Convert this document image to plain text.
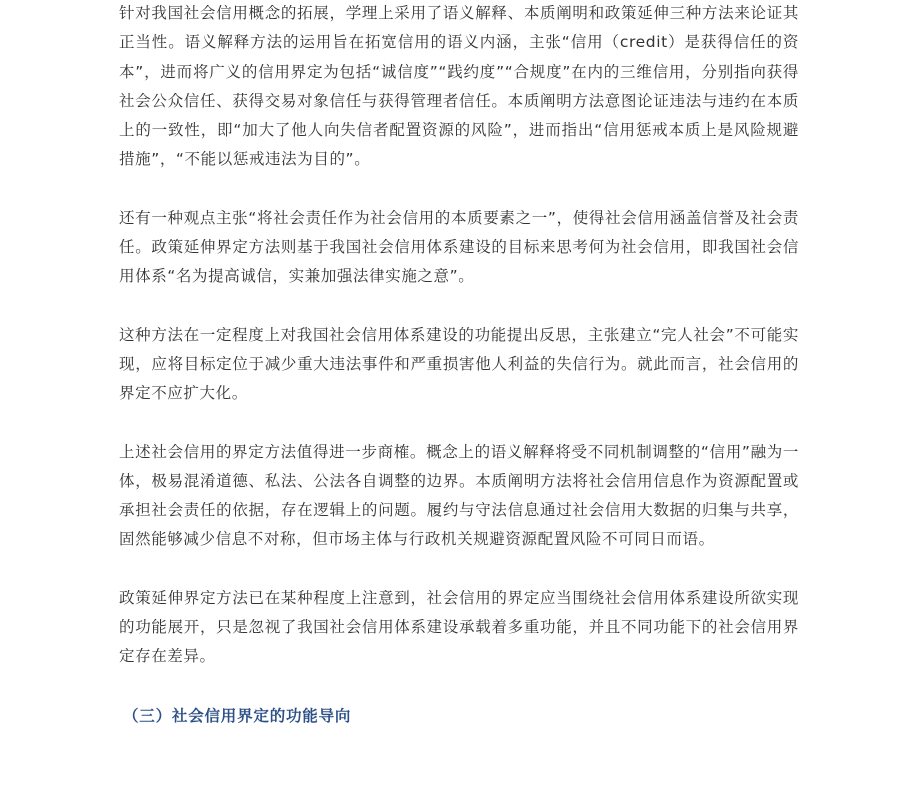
针对我国社会信用概念的拓展，学理上采用了语义解释、本质阐明和政策延伸三种方法来论证其正当性。语义解释方法的运用旨在拓宽信用的语义内涵，主张“信用（credit）是获得信任的资本”，进而将广义的信用界定为包括“诚信度”“践约度”“合规度”在内的三维信用，分别指向获得社会公众信任、获得交易对象信任与获得管理者信任。本质阐明方法意图论证违法与违约在本质上的一致性，即“加大了他人向失信者配置资源的风险”，进而指出“信用惩戒本质上是风险规避措施”，“不能以惩戒违法为目的”。

还有一种观点主张“将社会责任作为社会信用的本质要素之一”，使得社会信用涵盖信誉及社会责任。政策延伸界定方法则基于我国社会信用体系建设的目标来思考何为社会信用，即我国社会信用体系“名为提高诚信，实兼加强法律实施之意”。

这种方法在一定程度上对我国社会信用体系建设的功能提出反思，主张建立“完人社会”不可能实现，应将目标定位于减少重大违法事件和严重损害他人利益的失信行为。就此而言，社会信用的界定不应扩大化。

上述社会信用的界定方法值得进一步商榷。概念上的语义解释将受不同机制调整的“信用”融为一体，极易混淆道德、私法、公法各自调整的边界。本质阐明方法将社会信用信息作为资源配置或承担社会责任的依据，存在逻辑上的问题。履约与守法信息通过社会信用大数据的归集与共享，固然能够减少信息不对称，但市场主体与行政机关规避资源配置风险不可同日而语。

政策延伸界定方法已在某种程度上注意到，社会信用的界定应当围绕社会信用体系建设所欲实现的功能展开，只是忽视了我国社会信用体系建设承载着多重功能，并且不同功能下的社会信用界定存在差异。

（三）社会信用界定的功能导向
